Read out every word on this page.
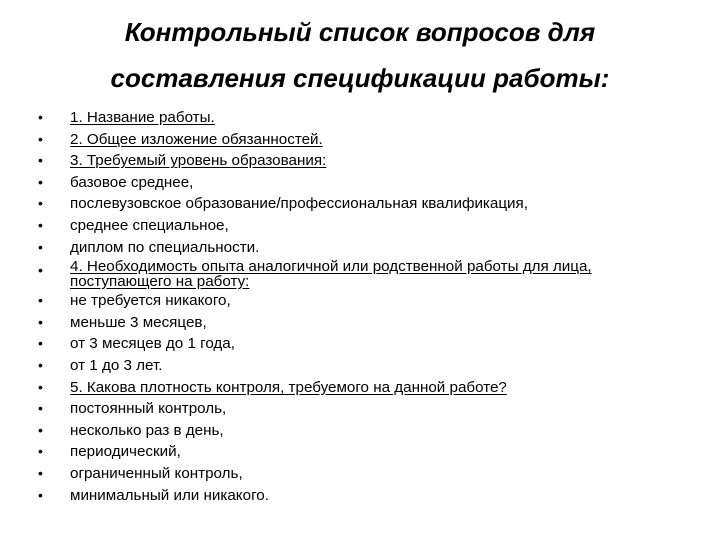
Контрольный список вопросов для
составления спецификации работы:
•	1. Название работы.
•	2. Общее изложение обязанностей.
•	3. Требуемый уровень образования:
•	базовое среднее,
•	послевузовское образование/профессиональная квалификация,
•	среднее специальное,
•	диплом по специальности.
•	4. Необходимость опыта аналогичной или родственной работы для лица, поступающего на работу:
•	не требуется никакого,
•	меньше 3 месяцев,
•	от 3 месяцев до 1 года,
•	от 1 до 3 лет.
•	5. Какова плотность контроля, требуемого на данной работе?
•	постоянный контроль,
•	несколько раз в день,
•	периодический,
•	ограниченный контроль,
•	минимальный или никакого.
